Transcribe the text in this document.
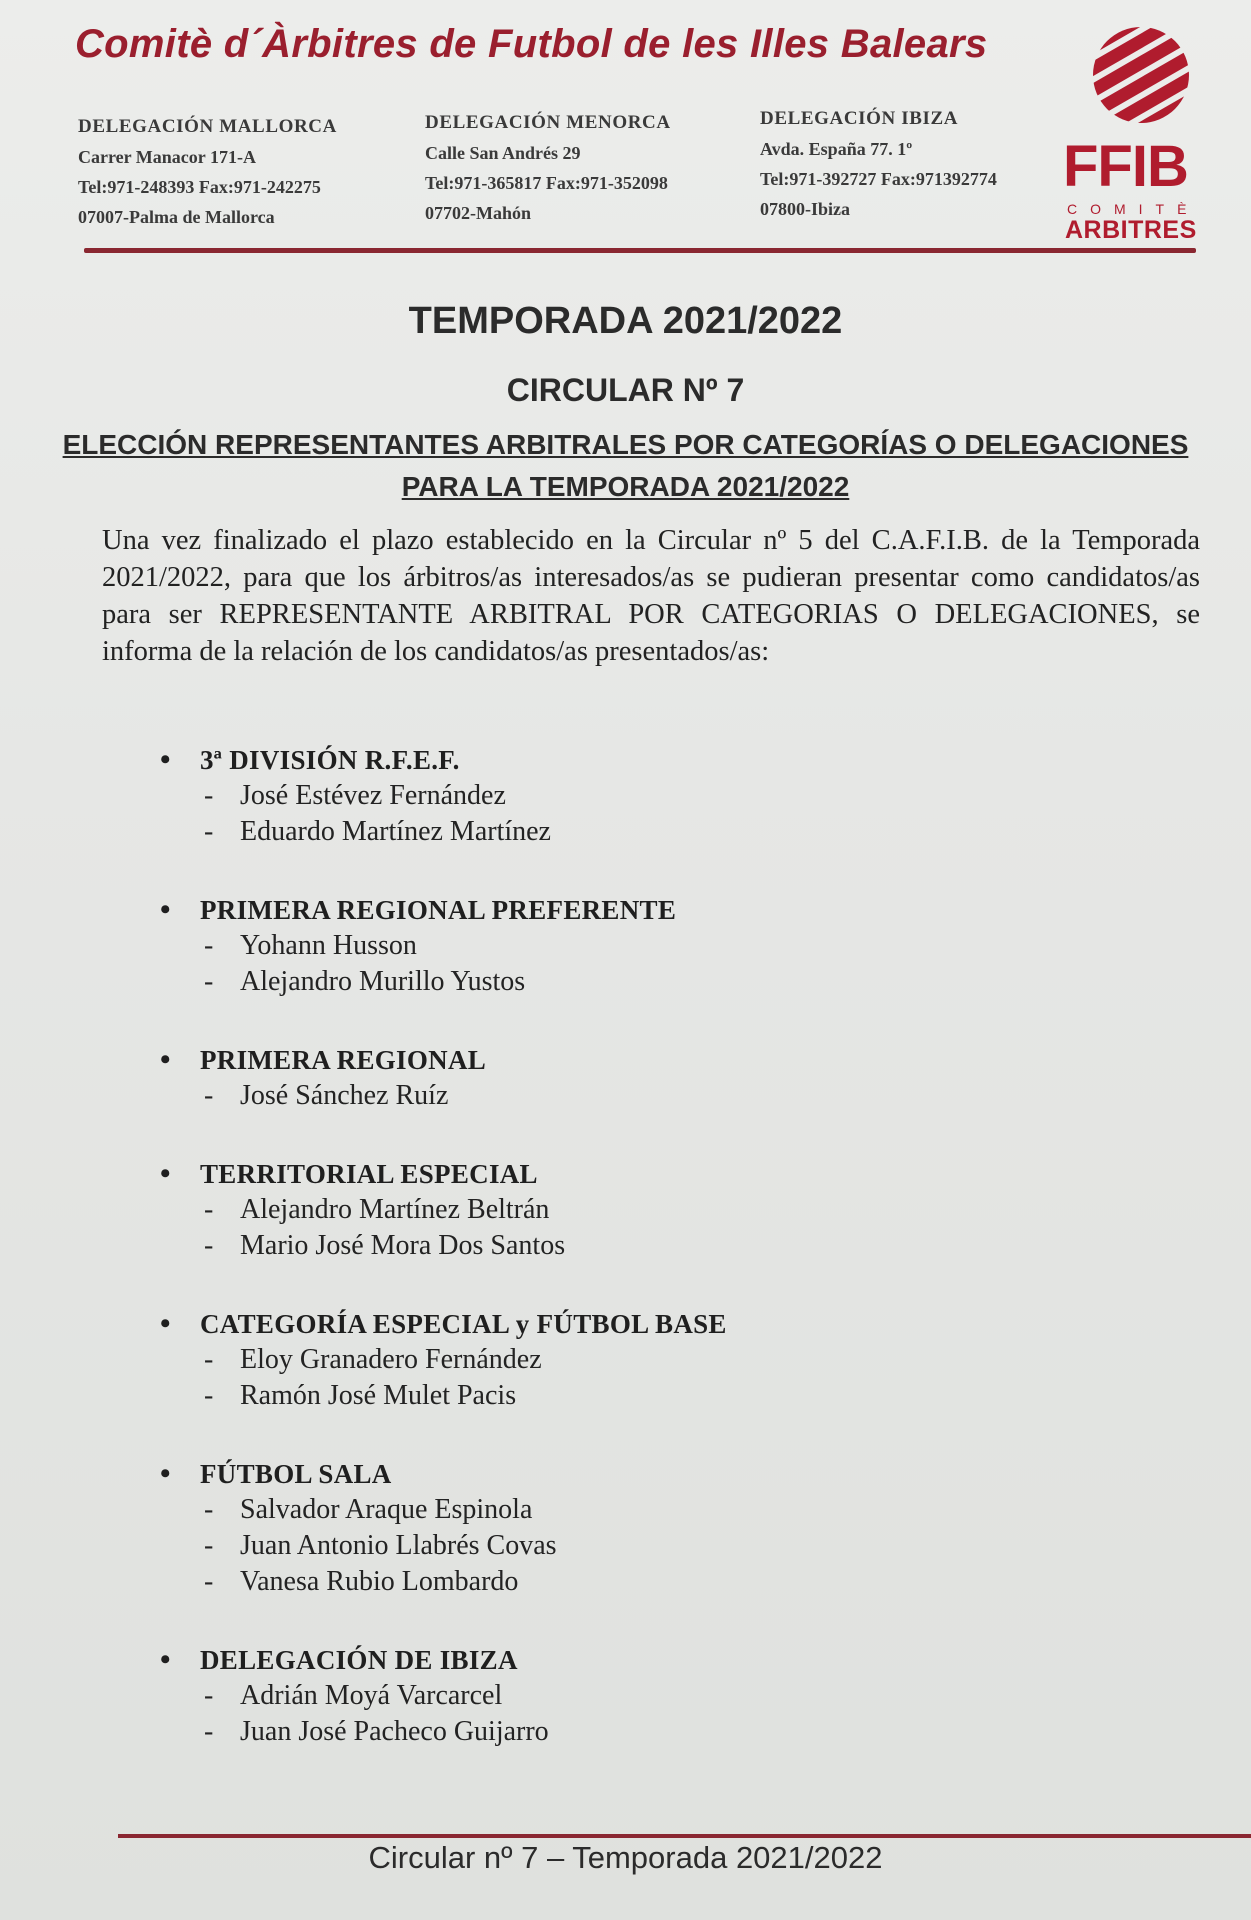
Comitè d´Àrbitres de Futbol de les Illes Balears
DELEGACIÓN MALLORCA
Carrer Manacor 171-A
Tel:971-248393 Fax:971-242275
07007-Palma de Mallorca
DELEGACIÓN MENORCA
Calle San Andrés 29
Tel:971-365817 Fax:971-352098
07702-Mahón
DELEGACIÓN IBIZA
Avda. España 77. 1º
Tel:971-392727 Fax:971392774
07800-Ibiza
FFIB
COMITÈ
ARBITRES
TEMPORADA 2021/2022
CIRCULAR Nº 7
ELECCIÓN REPRESENTANTES ARBITRALES POR CATEGORÍAS O DELEGACIONES
PARA LA TEMPORADA 2021/2022
Una vez finalizado el plazo establecido en la Circular nº 5 del C.A.F.I.B. de la Temporada 2021/2022, para que los árbitros/as interesados/as se pudieran presentar como candidatos/as para ser REPRESENTANTE ARBITRAL POR CATEGORIAS O DELEGACIONES, se informa de la relación de los candidatos/as presentados/as:
• 3ª DIVISIÓN R.F.E.F.
- José Estévez Fernández
- Eduardo Martínez Martínez
• PRIMERA REGIONAL PREFERENTE
- Yohann Husson
- Alejandro Murillo Yustos
• PRIMERA REGIONAL
- José Sánchez Ruíz
• TERRITORIAL ESPECIAL
- Alejandro Martínez Beltrán
- Mario José Mora Dos Santos
• CATEGORÍA ESPECIAL y FÚTBOL BASE
- Eloy Granadero Fernández
- Ramón José Mulet Pacis
• FÚTBOL SALA
- Salvador Araque Espinola
- Juan Antonio Llabrés Covas
- Vanesa Rubio Lombardo
• DELEGACIÓN DE IBIZA
- Adrián Moyá Varcarcel
- Juan José Pacheco Guijarro
Circular nº 7 – Temporada 2021/2022
